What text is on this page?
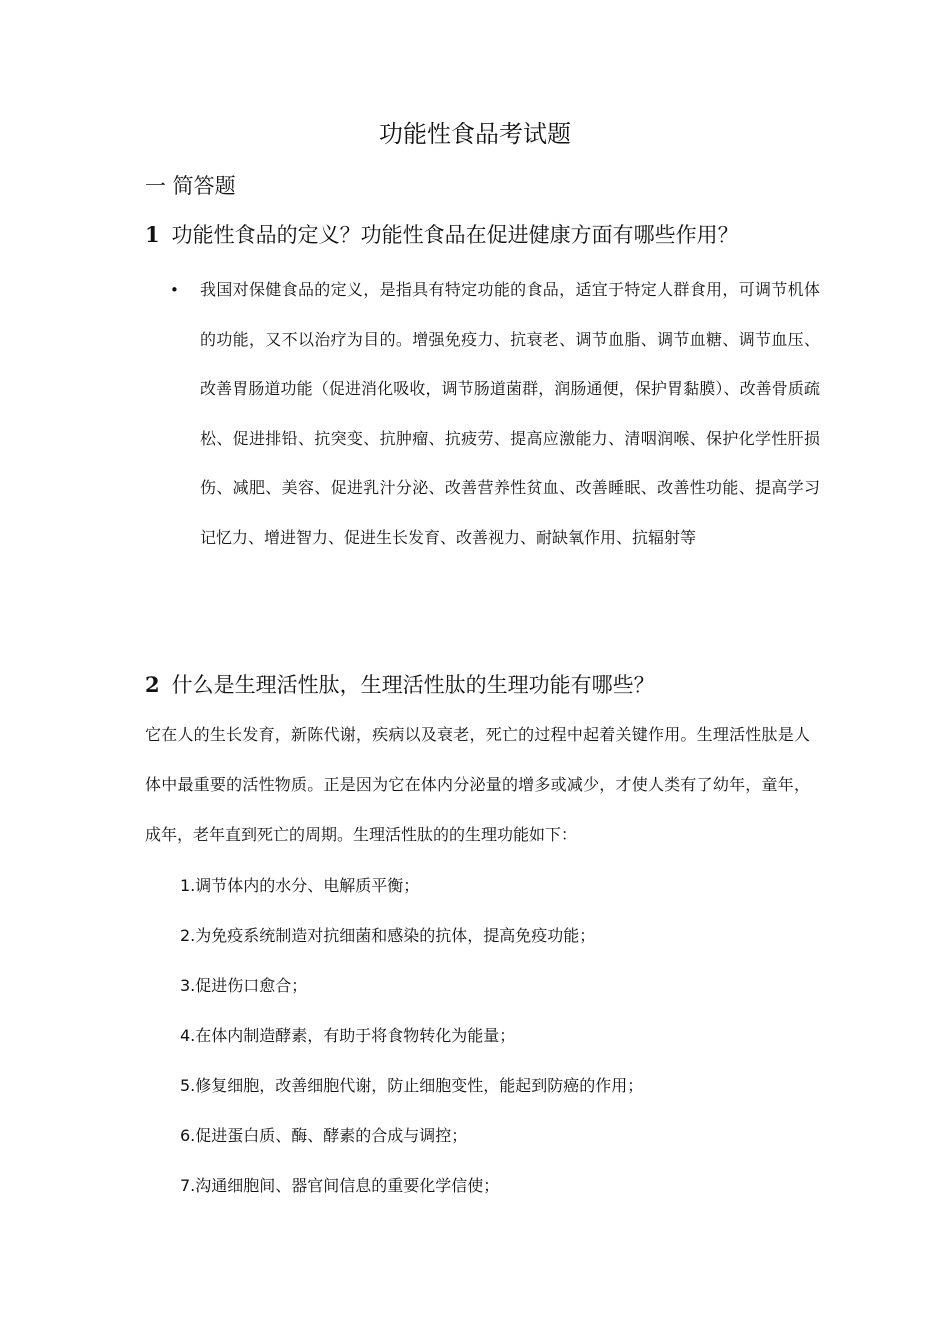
功能性食品考试题
一 简答题
1 功能性食品的定义？功能性食品在促进健康方面有哪些作用？
• 我国对保健食品的定义，是指具有特定功能的食品，适宜于特定人群食用，可调节机体的功能，又不以治疗为目的。增强免疫力、抗衰老、调节血脂、调节血糖、调节血压、改善胃肠道功能（促进消化吸收，调节肠道菌群，润肠通便，保护胃黏膜）、改善骨质疏松、促进排铅、抗突变、抗肿瘤、抗疲劳、提高应激能力、清咽润喉、保护化学性肝损伤、减肥、美容、促进乳汁分泌、改善营养性贫血、改善睡眠、改善性功能、提高学习记忆力、增进智力、促进生长发育、改善视力、耐缺氧作用、抗辐射等
2 什么是生理活性肽，生理活性肽的生理功能有哪些？
它在人的生长发育，新陈代谢，疾病以及衰老，死亡的过程中起着关键作用。生理活性肽是人体中最重要的活性物质。正是因为它在体内分泌量的增多或减少，才使人类有了幼年，童年，成年，老年直到死亡的周期。生理活性肽的的生理功能如下：
1.调节体内的水分、电解质平衡；
2.为免疫系统制造对抗细菌和感染的抗体，提高免疫功能；
3.促进伤口愈合；
4.在体内制造酵素，有助于将食物转化为能量；
5.修复细胞，改善细胞代谢，防止细胞变性，能起到防癌的作用；
6.促进蛋白质、酶、酵素的合成与调控；
7.沟通细胞间、器官间信息的重要化学信使；
